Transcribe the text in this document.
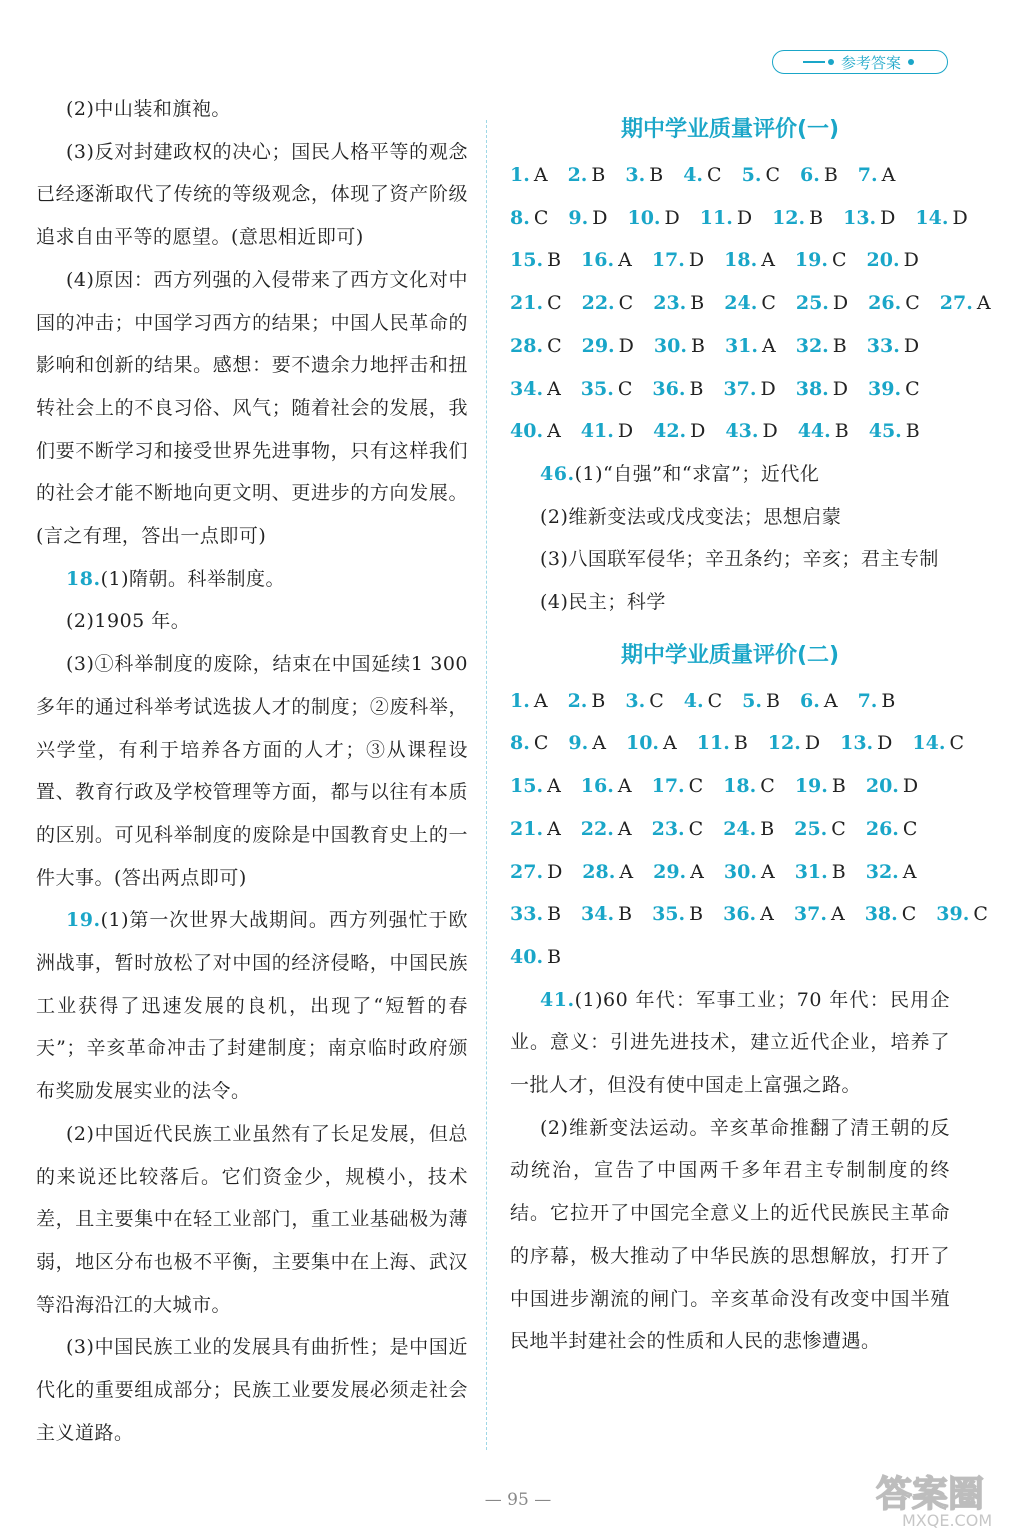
参考答案

(2)中山装和旗袍。

(3)反对封建政权的决心；国民人格平等的观念已经逐渐取代了传统的等级观念，体现了资产阶级追求自由平等的愿望。(意思相近即可)

(4)原因：西方列强的入侵带来了西方文化对中国的冲击；中国学习西方的结果；中国人民革命的影响和创新的结果。感想：要不遗余力地抨击和扭转社会上的不良习俗、风气；随着社会的发展，我们要不断学习和接受世界先进事物，只有这样我们的社会才能不断地向更文明、更进步的方向发展。(言之有理，答出一点即可)

18.(1)隋朝。科举制度。

(2)1905 年。

(3)①科举制度的废除，结束在中国延续1 300多年的通过科举考试选拔人才的制度；②废科举，兴学堂，有利于培养各方面的人才；③从课程设置、教育行政及学校管理等方面，都与以往有本质的区别。可见科举制度的废除是中国教育史上的一件大事。(答出两点即可)

19.(1)第一次世界大战期间。西方列强忙于欧洲战事，暂时放松了对中国的经济侵略，中国民族工业获得了迅速发展的良机，出现了“短暂的春天”；辛亥革命冲击了封建制度；南京临时政府颁布奖励发展实业的法令。

(2)中国近代民族工业虽然有了长足发展，但总的来说还比较落后。它们资金少，规模小，技术差，且主要集中在轻工业部门，重工业基础极为薄弱，地区分布也极不平衡，主要集中在上海、武汉等沿海沿江的大城市。

(3)中国民族工业的发展具有曲折性；是中国近代化的重要组成部分；民族工业要发展必须走社会主义道路。

期中学业质量评价(一)
1. A 2. B 3. B 4. C 5. C 6. B 7. A
8. C 9. D 10. D 11. D 12. B 13. D 14. D
15. B 16. A 17. D 18. A 19. C 20. D
21. C 22. C 23. B 24. C 25. D 26. C 27. A
28. C 29. D 30. B 31. A 32. B 33. D
34. A 35. C 36. B 37. D 38. D 39. C
40. A 41. D 42. D 43. D 44. B 45. B

46.(1)“自强”和“求富”；近代化

(2)维新变法或戊戌变法；思想启蒙

(3)八国联军侵华；辛丑条约；辛亥；君主专制

(4)民主；科学

期中学业质量评价(二)
1. A 2. B 3. C 4. C 5. B 6. A 7. B
8. C 9. A 10. A 11. B 12. D 13. D 14. C
15. A 16. A 17. C 18. C 19. B 20. D
21. A 22. A 23. C 24. B 25. C 26. C
27. D 28. A 29. A 30. A 31. B 32. A
33. B 34. B 35. B 36. A 37. A 38. C 39. C
40. B

41.(1)60 年代：军事工业；70 年代：民用企业。意义：引进先进技术，建立近代企业，培养了一批人才，但没有使中国走上富强之路。

(2)维新变法运动。辛亥革命推翻了清王朝的反动统治，宣告了中国两千多年君主专制制度的终结。它拉开了中国完全意义上的近代民族民主革命的序幕，极大推动了中华民族的思想解放，打开了中国进步潮流的闸门。辛亥革命没有改变中国半殖民地半封建社会的性质和人民的悲惨遭遇。

— 95 —	答案圈
MXQE.COM
